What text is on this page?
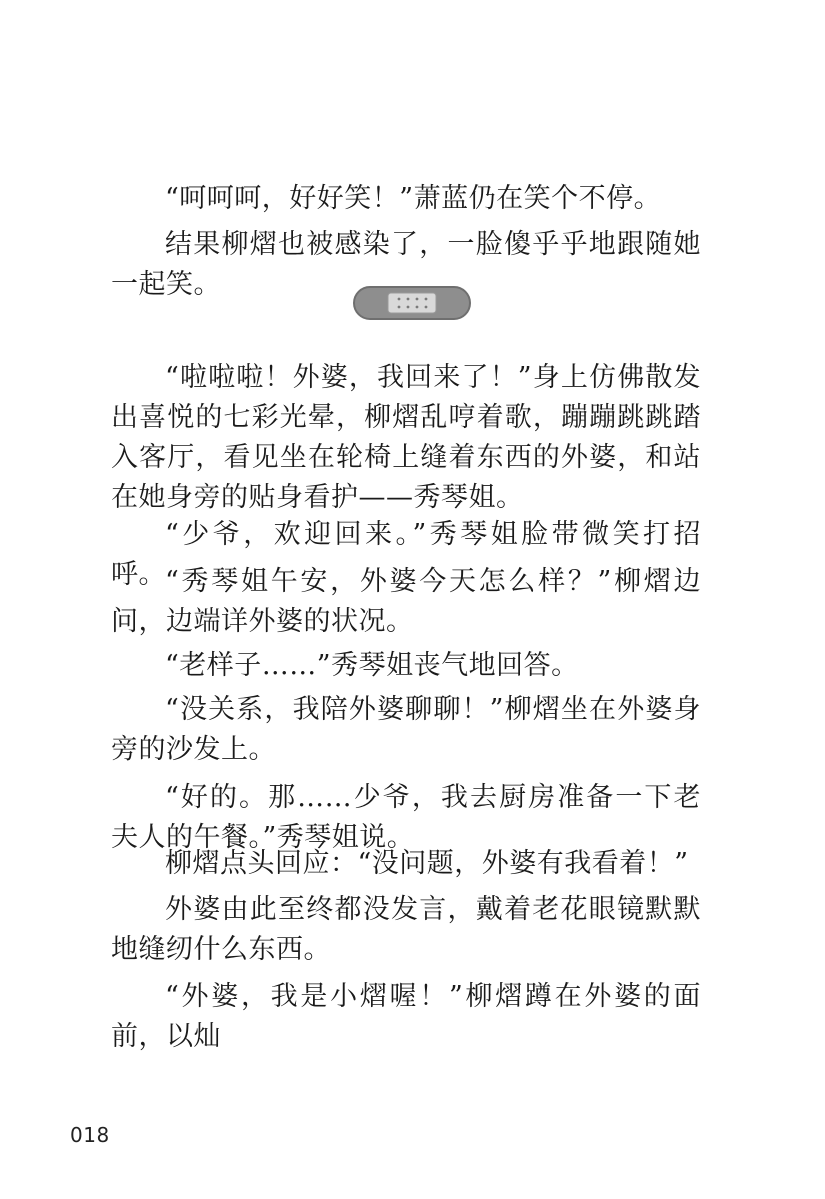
“呵呵呵，好好笑！”萧蓝仍在笑个不停。

结果柳熠也被感染了，一脸傻乎乎地跟随她一起笑。

“啦啦啦！外婆，我回来了！”身上仿佛散发出喜悦的七彩光晕，柳熠乱哼着歌，蹦蹦跳跳踏入客厅，看见坐在轮椅上缝着东西的外婆，和站在她身旁的贴身看护——秀琴姐。

“少爷，欢迎回来。”秀琴姐脸带微笑打招呼。 “秀琴姐午安，外婆今天怎么样？”柳熠边问，边端详外婆的状况。

“老样子……”秀琴姐丧气地回答。

“没关系，我陪外婆聊聊！”柳熠坐在外婆身旁的沙发上。

“好的。那……少爷，我去厨房准备一下老夫人的午餐。”秀琴姐说。

柳熠点头回应：“没问题，外婆有我看着！”

外婆由此至终都没发言，戴着老花眼镜默默地缝纫什么东西。

“外婆，我是小熠喔！”柳熠蹲在外婆的面前，以灿

018
